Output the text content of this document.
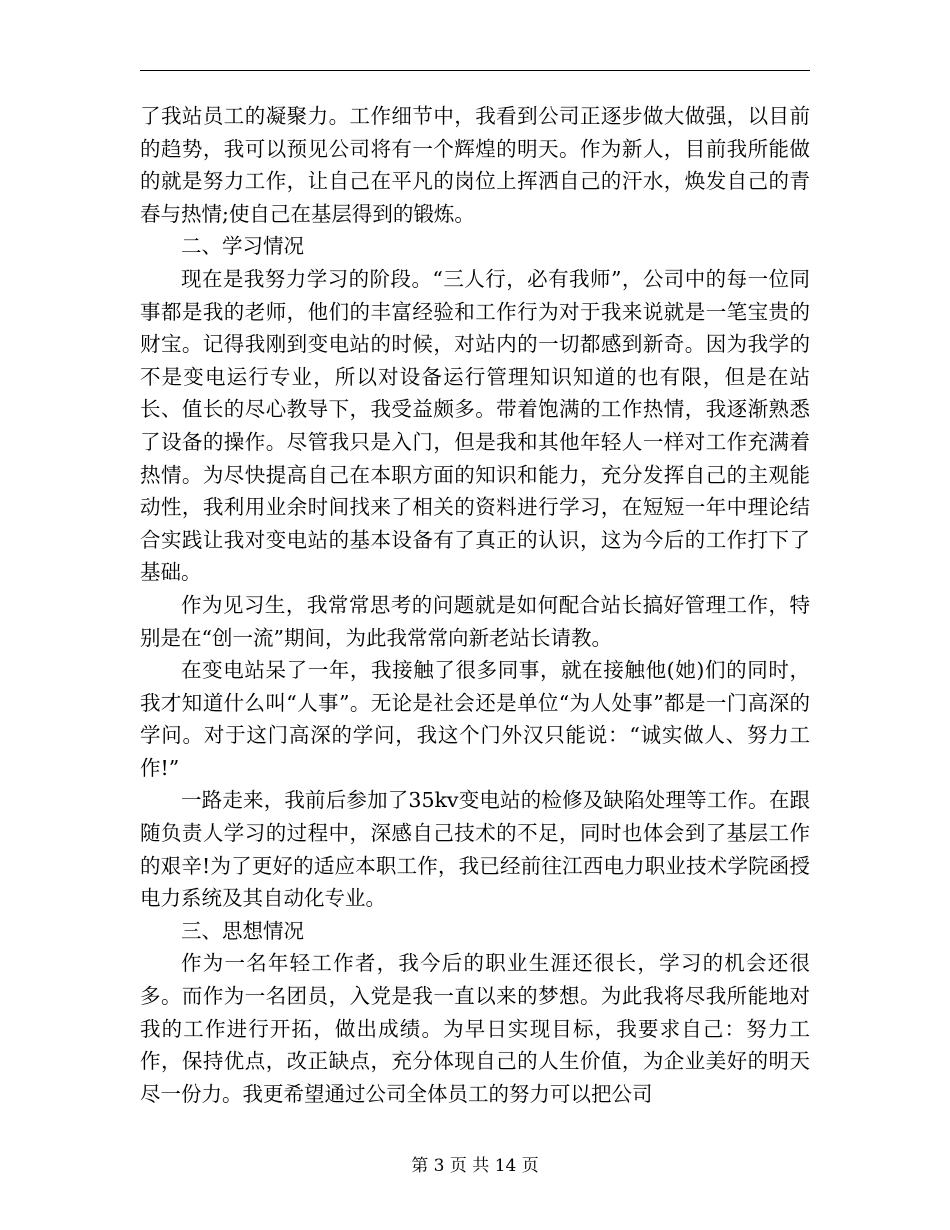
了我站员工的凝聚力。工作细节中，我看到公司正逐步做大做强，以目前的趋势，我可以预见公司将有一个辉煌的明天。作为新人，目前我所能做的就是努力工作，让自己在平凡的岗位上挥洒自己的汗水，焕发自己的青春与热情;使自己在基层得到的锻炼。

二、学习情况

现在是我努力学习的阶段。“三人行，必有我师”，公司中的每一位同事都是我的老师，他们的丰富经验和工作行为对于我来说就是一笔宝贵的财宝。记得我刚到变电站的时候，对站内的一切都感到新奇。因为我学的不是变电运行专业，所以对设备运行管理知识知道的也有限，但是在站长、值长的尽心教导下，我受益颇多。带着饱满的工作热情，我逐渐熟悉了设备的操作。尽管我只是入门，但是我和其他年轻人一样对工作充满着热情。为尽快提高自己在本职方面的知识和能力，充分发挥自己的主观能动性，我利用业余时间找来了相关的资料进行学习，在短短一年中理论结合实践让我对变电站的基本设备有了真正的认识，这为今后的工作打下了基础。

作为见习生，我常常思考的问题就是如何配合站长搞好管理工作，特别是在“创一流”期间，为此我常常向新老站长请教。

在变电站呆了一年，我接触了很多同事，就在接触他(她)们的同时，我才知道什么叫“人事”。无论是社会还是单位“为人处事”都是一门高深的学问。对于这门高深的学问，我这个门外汉只能说：“诚实做人、努力工作!”

一路走来，我前后参加了35kv变电站的检修及缺陷处理等工作。在跟随负责人学习的过程中，深感自己技术的不足，同时也体会到了基层工作的艰辛!为了更好的适应本职工作，我已经前往江西电力职业技术学院函授电力系统及其自动化专业。

三、思想情况

作为一名年轻工作者，我今后的职业生涯还很长，学习的机会还很多。而作为一名团员，入党是我一直以来的梦想。为此我将尽我所能地对我的工作进行开拓，做出成绩。为早日实现目标，我要求自己：努力工作，保持优点，改正缺点，充分体现自己的人生价值，为企业美好的明天尽一份力。我更希望通过公司全体员工的努力可以把公司

第 3 页 共 14 页
